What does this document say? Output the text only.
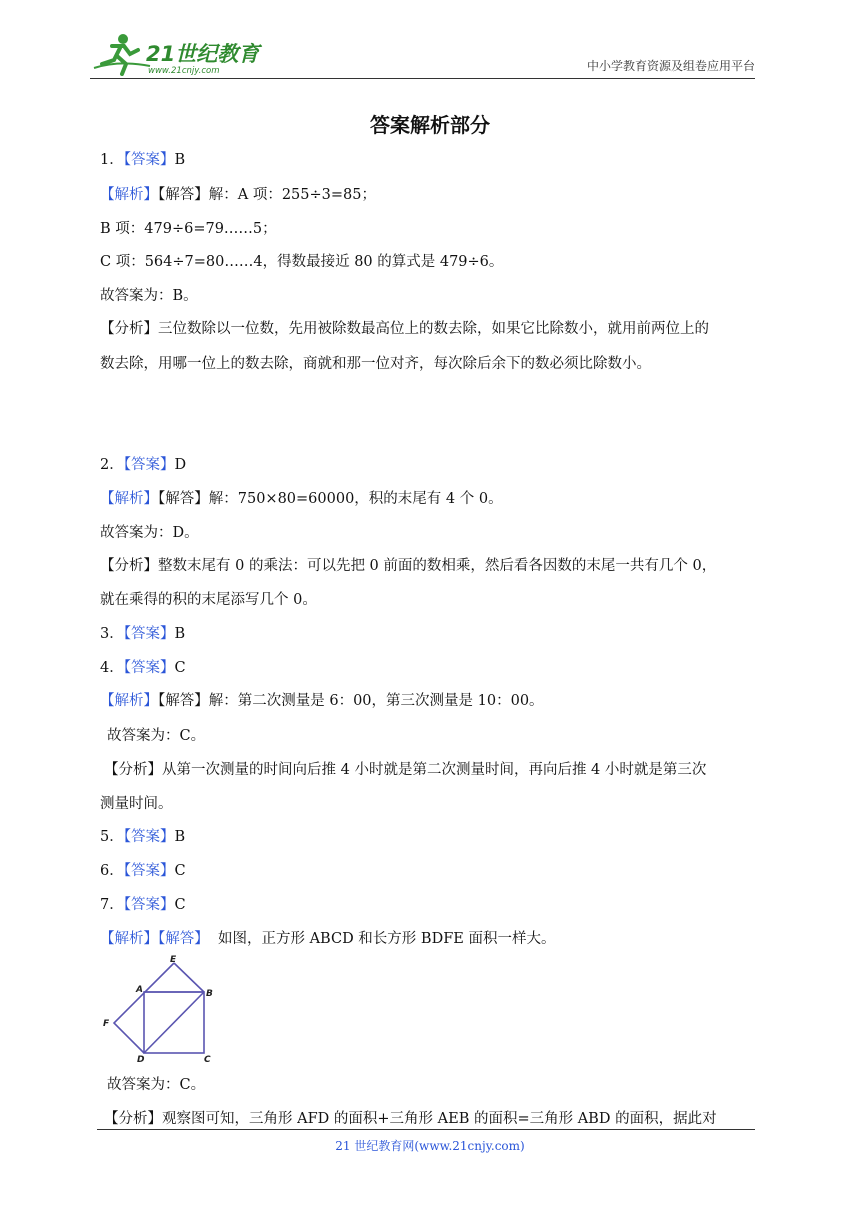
21世纪教育
www.21cnjy.com	中小学教育资源及组卷应用平台
答案解析部分
1．【答案】B
【解析】【解答】解：A 项：255÷3=85；
B 项：479÷6=79……5；
C 项：564÷7=80……4，得数最接近 80 的算式是 479÷6。
故答案为：B。
【分析】三位数除以一位数，先用被除数最高位上的数去除，如果它比除数小，就用前两位上的
数去除，用哪一位上的数去除，商就和那一位对齐，每次除后余下的数必须比除数小。
2．【答案】D
【解析】【解答】解：750×80=60000，积的末尾有 4 个 0。
故答案为：D。
【分析】整数末尾有 0 的乘法：可以先把 0 前面的数相乘，然后看各因数的末尾一共有几个 0，
就在乘得的积的末尾添写几个 0。
3．【答案】B
4．【答案】C
【解析】【解答】解：第二次测量是 6：00，第三次测量是 10：00。
故答案为：C。
【分析】从第一次测量的时间向后推 4 小时就是第二次测量时间，再向后推 4 小时就是第三次
测量时间。
5．【答案】B
6．【答案】C
7．【答案】C
【解析】【解答】 如图，正方形 ABCD 和长方形 BDFE 面积一样大。
E
A	B
F
D	C
故答案为：C。
【分析】观察图可知，三角形 AFD 的面积+三角形 AEB 的面积=三角形 ABD 的面积，据此对
21 世纪教育网(www.21cnjy.com)
